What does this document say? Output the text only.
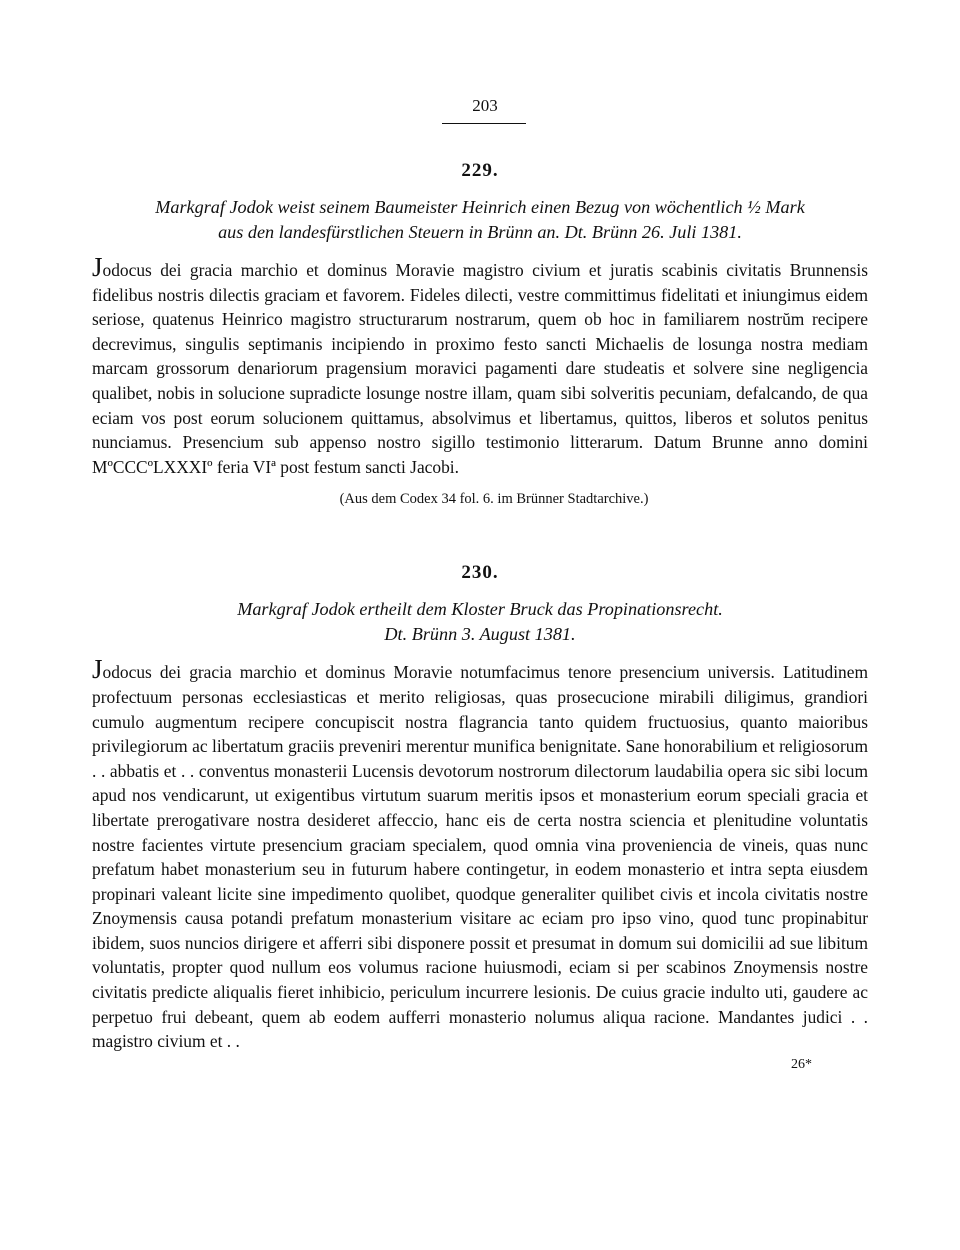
203
229.
Markgraf Jodok weist seinem Baumeister Heinrich einen Bezug von wöchentlich ½ Mark
aus den landesfürstlichen Steuern in Brünn an. Dt. Brünn 26. Juli 1381.
Jodocus dei gracia marchio et dominus Moravie magistro civium et juratis scabinis civitatis Brunnensis fidelibus nostris dilectis graciam et favorem. Fideles dilecti, vestre committimus fidelitati et iniungimus eidem seriose, quatenus Heinrico magistro structurarum nostrarum, quem ob hoc in familiarem nostrŭm recipere decrevimus, singulis septimanis incipiendo in proximo festo sancti Michaelis de losunga nostra mediam marcam grossorum denariorum pragensium moravici pagamenti dare studeatis et solvere sine negligencia qualibet, nobis in solucione supradicte losunge nostre illam, quam sibi solveritis pecuniam, defalcando, de qua eciam vos post eorum solucionem quittamus, absolvimus et libertamus, quittos, liberos et solutos penitus nunciamus. Presencium sub appenso nostro sigillo testimonio litterarum. Datum Brunne anno domini MºCCCºLXXXIº feria VIª post festum sancti Jacobi.
(Aus dem Codex 34 fol. 6. im Brünner Stadtarchive.)
230.
Markgraf Jodok ertheilt dem Kloster Bruck das Propinationsrecht.
Dt. Brünn 3. August 1381.
Jodocus dei gracia marchio et dominus Moravie notumfacimus tenore presencium universis. Latitudinem profectuum personas ecclesiasticas et merito religiosas, quas prosecucione mirabili diligimus, grandiori cumulo augmentum recipere concupiscit nostra flagrancia tanto quidem fructuosius, quanto maioribus privilegiorum ac libertatum graciis preveniri merentur munifica benignitate. Sane honorabilium et religiosorum . . abbatis et . . conventus monasterii Lucensis devotorum nostrorum dilectorum laudabilia opera sic sibi locum apud nos vendicarunt, ut exigentibus virtutum suarum meritis ipsos et monasterium eorum speciali gracia et libertate prerogativare nostra desideret affeccio, hanc eis de certa nostra sciencia et plenitudine voluntatis nostre facientes virtute presencium graciam specialem, quod omnia vina proveniencia de vineis, quas nunc prefatum habet monasterium seu in futurum habere contingetur, in eodem monasterio et intra septa eiusdem propinari valeant licite sine impedimento quolibet, quodque generaliter quilibet civis et incola civitatis nostre Znoymensis causa potandi prefatum monasterium visitare ac eciam pro ipso vino, quod tunc propinabitur ibidem, suos nuncios dirigere et afferri sibi disponere possit et presumat in domum sui domicilii ad sue libitum voluntatis, propter quod nullum eos volumus racione huiusmodi, eciam si per scabinos Znoymensis nostre civitatis predicte aliqualis fieret inhibicio, periculum incurrere lesionis. De cuius gracie indulto uti, gaudere ac perpetuo frui debeant, quem ab eodem aufferri monasterio nolumus aliqua racione. Mandantes judici . . magistro civium et . .
26*
